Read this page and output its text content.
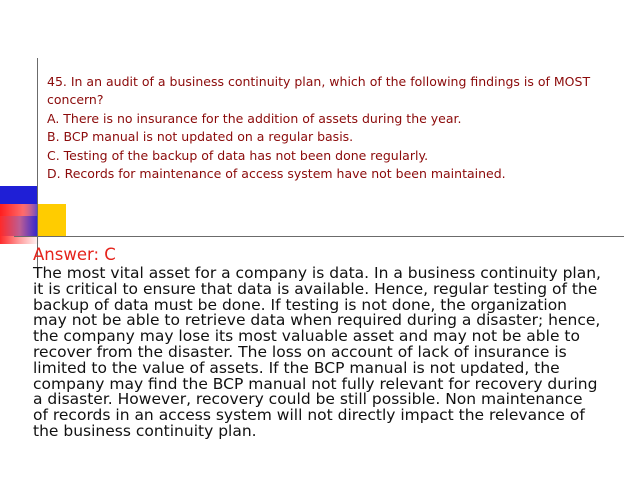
45. In an audit of a business continuity plan, which of the following findings is of MOST
concern?
A. There is no insurance for the addition of assets during the year.
B. BCP manual is not updated on a regular basis.
C. Testing of the backup of data has not been done regularly.
D. Records for maintenance of access system have not been maintained.
Answer: C
The most vital asset for a company is data. In a business continuity plan,
it is critical to ensure that data is available. Hence, regular testing of the
backup of data must be done. If testing is not done, the organization
may not be able to retrieve data when required during a disaster; hence,
the company may lose its most valuable asset and may not be able to
recover from the disaster. The loss on account of lack of insurance is
limited to the value of assets. If the BCP manual is not updated, the
company may find the BCP manual not fully relevant for recovery during
a disaster. However, recovery could be still possible. Non maintenance
of records in an access system will not directly impact the relevance of
the business continuity plan.
